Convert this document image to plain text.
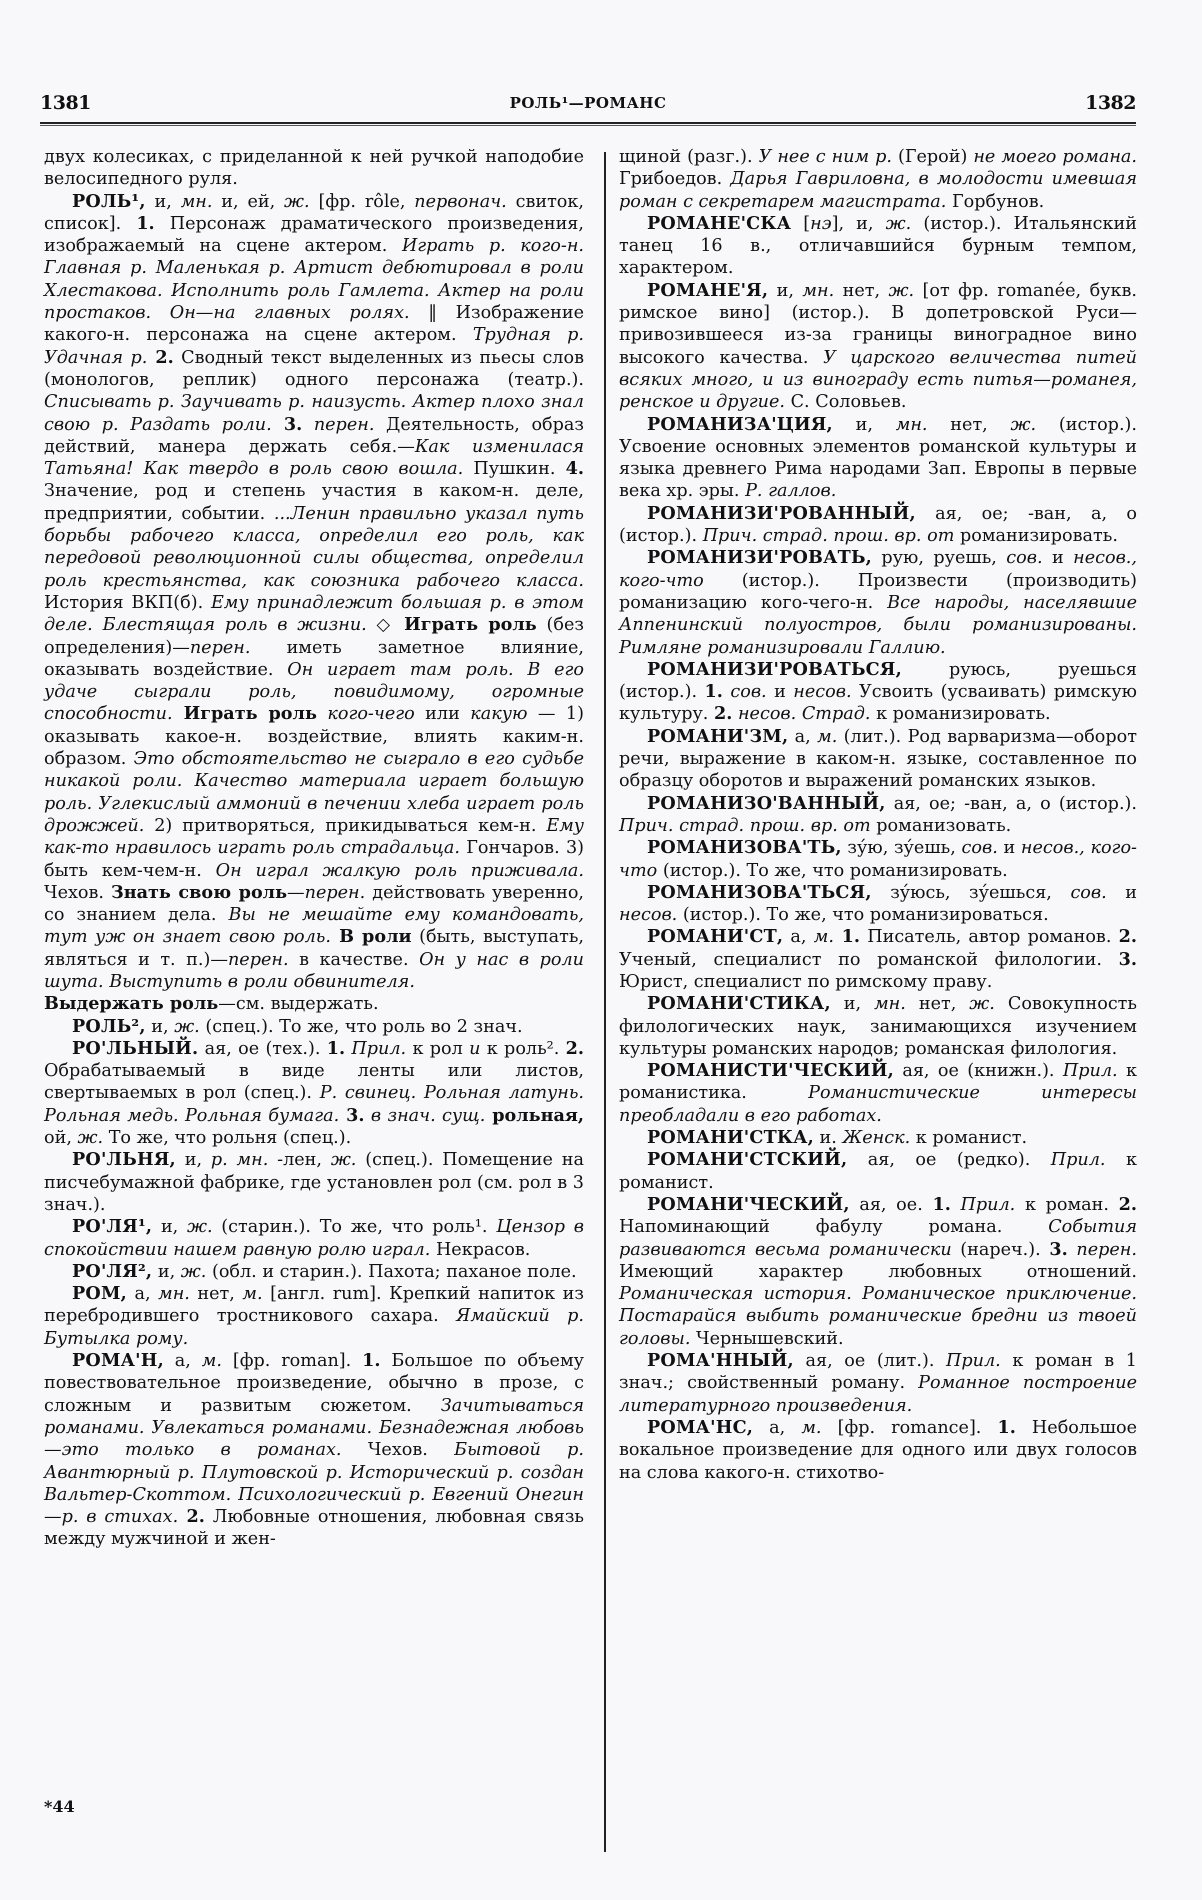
1381	РОЛЬ¹—РОМАНС	1382

двух колесиках, с приделанной к ней ручкой наподобие велосипедного руля.

РОЛЬ¹, и, мн. и, ей, ж. [фр. rôle, первонач. свиток, список]. 1. Персонаж драматического произведения, изображаемый на сцене актером. Играть р. кого-н. Главная р. Маленькая р. Артист дебютировал в роли Хлестакова. Исполнить роль Гамлета. Актер на роли простаков. Он—на главных ролях. ‖ Изображение какого-н. персонажа на сцене актером. Трудная р. Удачная р. 2. Сводный текст выделенных из пьесы слов (монологов, реплик) одного персонажа (театр.). Списывать р. Заучивать р. наизусть. Актер плохо знал свою р. Раздать роли. 3. перен. Деятельность, образ действий, манера держать себя.—Как изменилася Татьяна! Как твердо в роль свою вошла. Пушкин. 4. Значение, род и степень участия в каком-н. деле, предприятии, событии. ...Ленин правильно указал путь борьбы рабочего класса, определил его роль, как передовой революционной силы общества, определил роль крестьянства, как союзника рабочего класса. История ВКП(б). Ему принадлежит большая р. в этом деле. Блестящая роль в жизни. ◇ Играть роль (без определения)—перен. иметь заметное влияние, оказывать воздействие. Он играет там роль. В его удаче сыграли роль, повидимому, огромные способности. Играть роль кого-чего или какую — 1) оказывать какое-н. воздействие, влиять каким-н. образом. Это обстоятельство не сыграло в его судьбе никакой роли. Качество материала играет большую роль. Углекислый аммоний в печении хлеба играет роль дрожжей. 2) притворяться, прикидываться кем-н. Ему как-то нравилось играть роль страдальца. Гончаров. 3) быть кем-чем-н. Он играл жалкую роль приживала. Чехов. Знать свою роль—перен. действовать уверенно, со знанием дела. Вы не мешайте ему командовать, тут уж он знает свою роль. В роли (быть, выступать, являться и т. п.)—перен. в качестве. Он у нас в роли шута. Выступить в роли обвинителя.
Выдержать роль—см. выдержать.

РОЛЬ², и, ж. (спец.). То же, что роль во 2 знач.

РО'ЛЬНЫЙ. ая, ое (тех.). 1. Прил. к рол и к роль². 2. Обрабатываемый в виде ленты или листов, свертываемых в рол (спец.). Р. свинец. Рольная латунь. Рольная медь. Рольная бумага. 3. в знач. сущ. рольная, ой, ж. То же, что рольня (спец.).

РО'ЛЬНЯ, и, р. мн. -лен, ж. (спец.). Помещение на писчебумажной фабрике, где установлен рол (см. рол в 3 знач.).

РО'ЛЯ¹, и, ж. (старин.). То же, что роль¹. Цензор в спокойствии нашем равную ролю играл. Некрасов.

РО'ЛЯ², и, ж. (обл. и старин.). Пахота; паханое поле.

РОМ, а, мн. нет, м. [англ. rum]. Крепкий напиток из перебродившего тростникового сахара. Ямайский р. Бутылка рому.

РОМА'Н, а, м. [фр. roman]. 1. Большое по объему повествовательное произведение, обычно в прозе, с сложным и развитым сюжетом. Зачитываться романами. Увлекаться романами. Безнадежная любовь—это только в романах. Чехов. Бытовой р. Авантюрный р. Плутовской р. Исторический р. создан Вальтер-Скоттом. Психологический р. Евгений Онегин—р. в стихах. 2. Любовные отношения, любовная связь между мужчиной и жен-

щиной (разг.). У нее с ним р. (Герой) не моего романа. Грибоедов. Дарья Гавриловна, в молодости имевшая роман с секретарем магистрата. Горбунов.

РОМАНЕ'СКА [нэ], и, ж. (истор.). Итальянский танец 16 в., отличавшийся бурным темпом, характером.

РОМАНЕ'Я, и, мн. нет, ж. [от фр. romanée, букв. римское вино] (истор.). В допетровской Руси—привозившееся из-за границы виноградное вино высокого качества. У царского величества питей всяких много, и из винограду есть питья—романея, ренское и другие. С. Соловьев.

РОМАНИЗА'ЦИЯ, и, мн. нет, ж. (истор.). Усвоение основных элементов романской культуры и языка древнего Рима народами Зап. Европы в первые века хр. эры. Р. галлов.

РОМАНИЗИ'РОВАННЫЙ, ая, ое; -ван, а, о (истор.). Прич. страд. прош. вр. от романизировать.

РОМАНИЗИ'РОВАТЬ, рую, руешь, сов. и несов., кого-что (истор.). Произвести (производить) романизацию кого-чего-н. Все народы, населявшие Аппенинский полуостров, были романизированы. Римляне романизировали Галлию.

РОМАНИЗИ'РОВАТЬСЯ, руюсь, руешься (истор.). 1. сов. и несов. Усвоить (усваивать) римскую культуру. 2. несов. Страд. к романизировать.

РОМАНИ'ЗМ, а, м. (лит.). Род варваризма—оборот речи, выражение в каком-н. языке, составленное по образцу оборотов и выражений романских языков.

РОМАНИЗО'ВАННЫЙ, ая, ое; -ван, а, о (истор.). Прич. страд. прош. вр. от романизовать.

РОМАНИЗОВА'ТЬ, зу́ю, зу́ешь, сов. и несов., кого-что (истор.). То же, что романизировать.

РОМАНИЗОВА'ТЬСЯ, зу́юсь, зу́ешься, сов. и несов. (истор.). То же, что романизироваться.

РОМАНИ'СТ, а, м. 1. Писатель, автор романов. 2. Ученый, специалист по романской филологии. 3. Юрист, специалист по римскому праву.

РОМАНИ'СТИКА, и, мн. нет, ж. Совокупность филологических наук, занимающихся изучением культуры романских народов; романская филология.

РОМАНИСТИ'ЧЕСКИЙ, ая, ое (книжн.). Прил. к романистика. Романистические интересы преобладали в его работах.

РОМАНИ'СТКА, и. Женск. к романист.

РОМАНИ'СТСКИЙ, ая, ое (редко). Прил. к романист.

РОМАНИ'ЧЕСКИЙ, ая, ое. 1. Прил. к роман. 2. Напоминающий фабулу романа. События развиваются весьма романически (нареч.). 3. перен. Имеющий характер любовных отношений. Романическая история. Романическое приключение. Постарайся выбить романические бредни из твоей головы. Чернышевский.

РОМА'ННЫЙ, ая, ое (лит.). Прил. к роман в 1 знач.; свойственный роману. Романное построение литературного произведения.

РОМА'НС, а, м. [фр. romance]. 1. Небольшое вокальное произведение для одного или двух голосов на слова какого-н. стихотво-

*44
